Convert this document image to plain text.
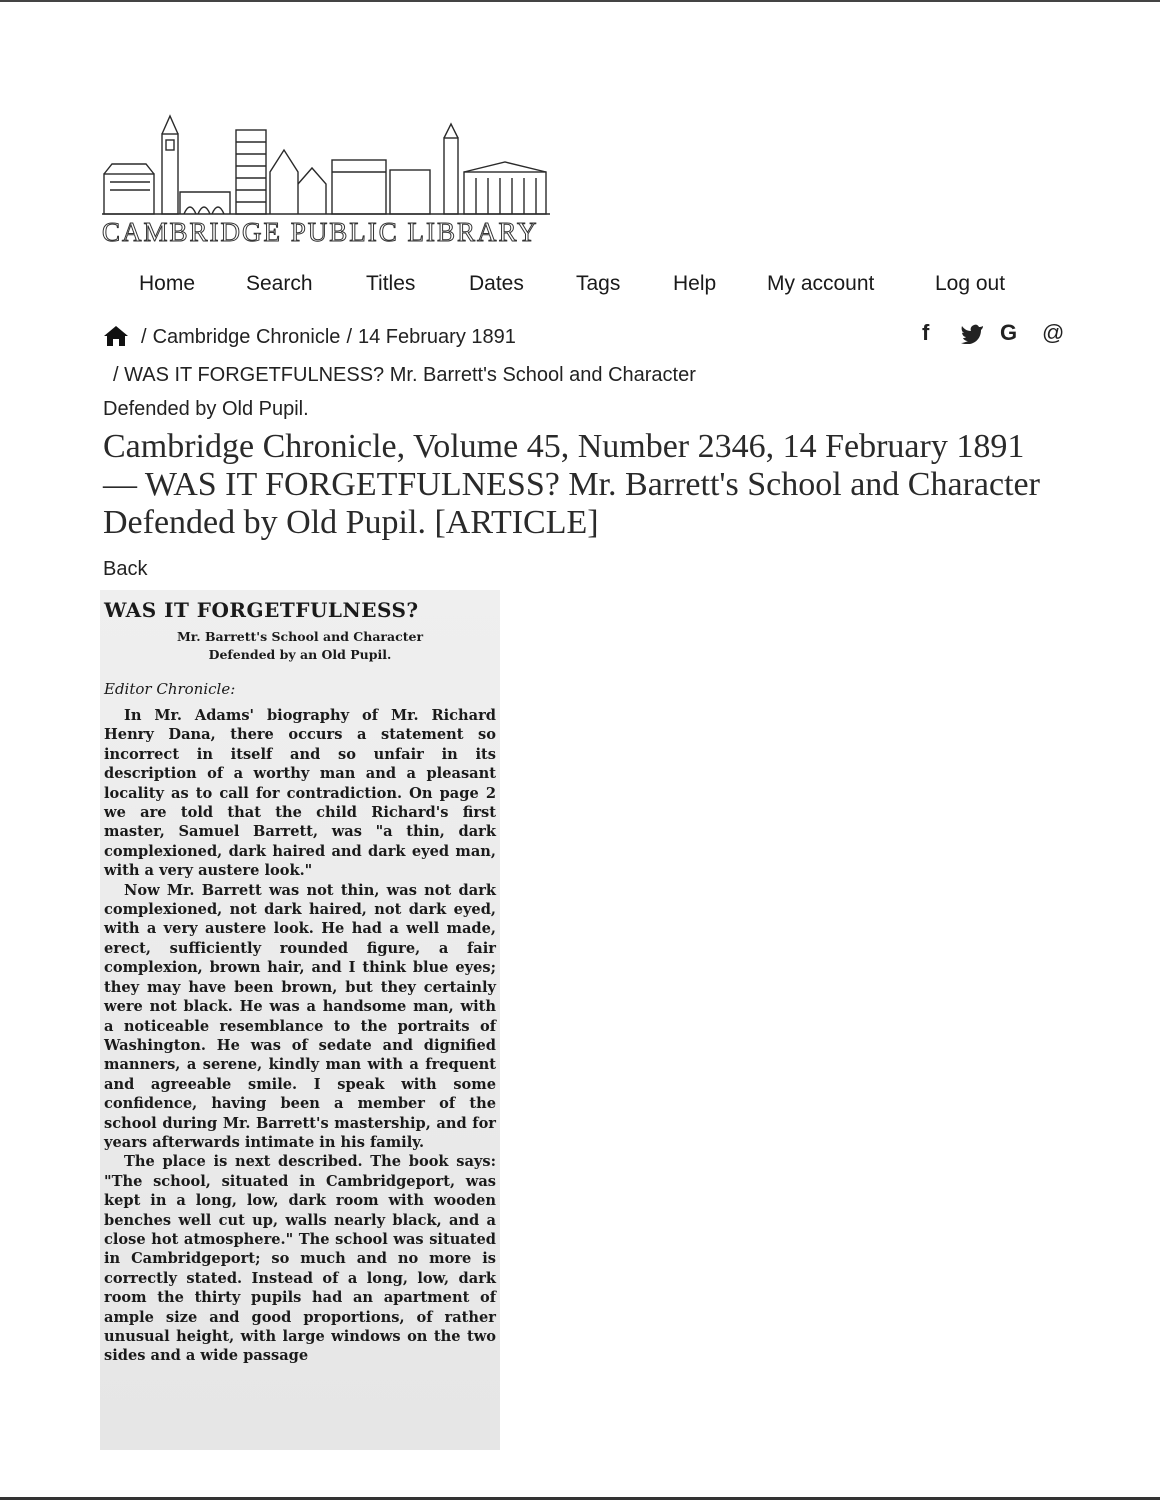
CAMBRIDGE PUBLIC LIBRARY
Home Search	Titles	Dates Tags	Help My account	Log out
/ Cambridge Chronicle / 14 February 1891
/ WAS IT FORGETFULNESS? Mr. Barrett's School and Character
Defended by Old Pupil.
f	G @
Cambridge Chronicle, Volume 45, Number 2346, 14 February 1891 — WAS IT FORGETFULNESS? Mr. Barrett's School and Character Defended by Old Pupil. [ARTICLE]
Back
WAS IT FORGETFULNESS?
Mr. Barrett's School and Character
Defended by an Old Pupil.
Editor Chronicle:

In Mr. Adams' biography of Mr. Richard Henry Dana, there occurs a statement so incorrect in itself and so unfair in its description of a worthy man and a pleasant locality as to call for contradiction. On page 2 we are told that the child Richard's first master, Samuel Barrett, was "a thin, dark complexioned, dark haired and dark eyed man, with a very austere look."

Now Mr. Barrett was not thin, was not dark complexioned, not dark haired, not dark eyed, with a very austere look. He had a well made, erect, sufficiently rounded figure, a fair complexion, brown hair, and I think blue eyes; they may have been brown, but they certainly were not black. He was a handsome man, with a noticeable resemblance to the portraits of Washington. He was of sedate and dignified manners, a serene, kindly man with a frequent and agreeable smile. I speak with some confidence, having been a member of the school during Mr. Barrett's mastership, and for years afterwards intimate in his family.

The place is next described. The book says: "The school, situated in Cambridgeport, was kept in a long, low, dark room with wooden benches well cut up, walls nearly black, and a close hot atmosphere." The school was situated in Cambridgeport; so much and no more is correctly stated. Instead of a long, low, dark room the thirty pupils had an apartment of ample size and good proportions, of rather unusual height, with large windows on the two sides and a wide passage
